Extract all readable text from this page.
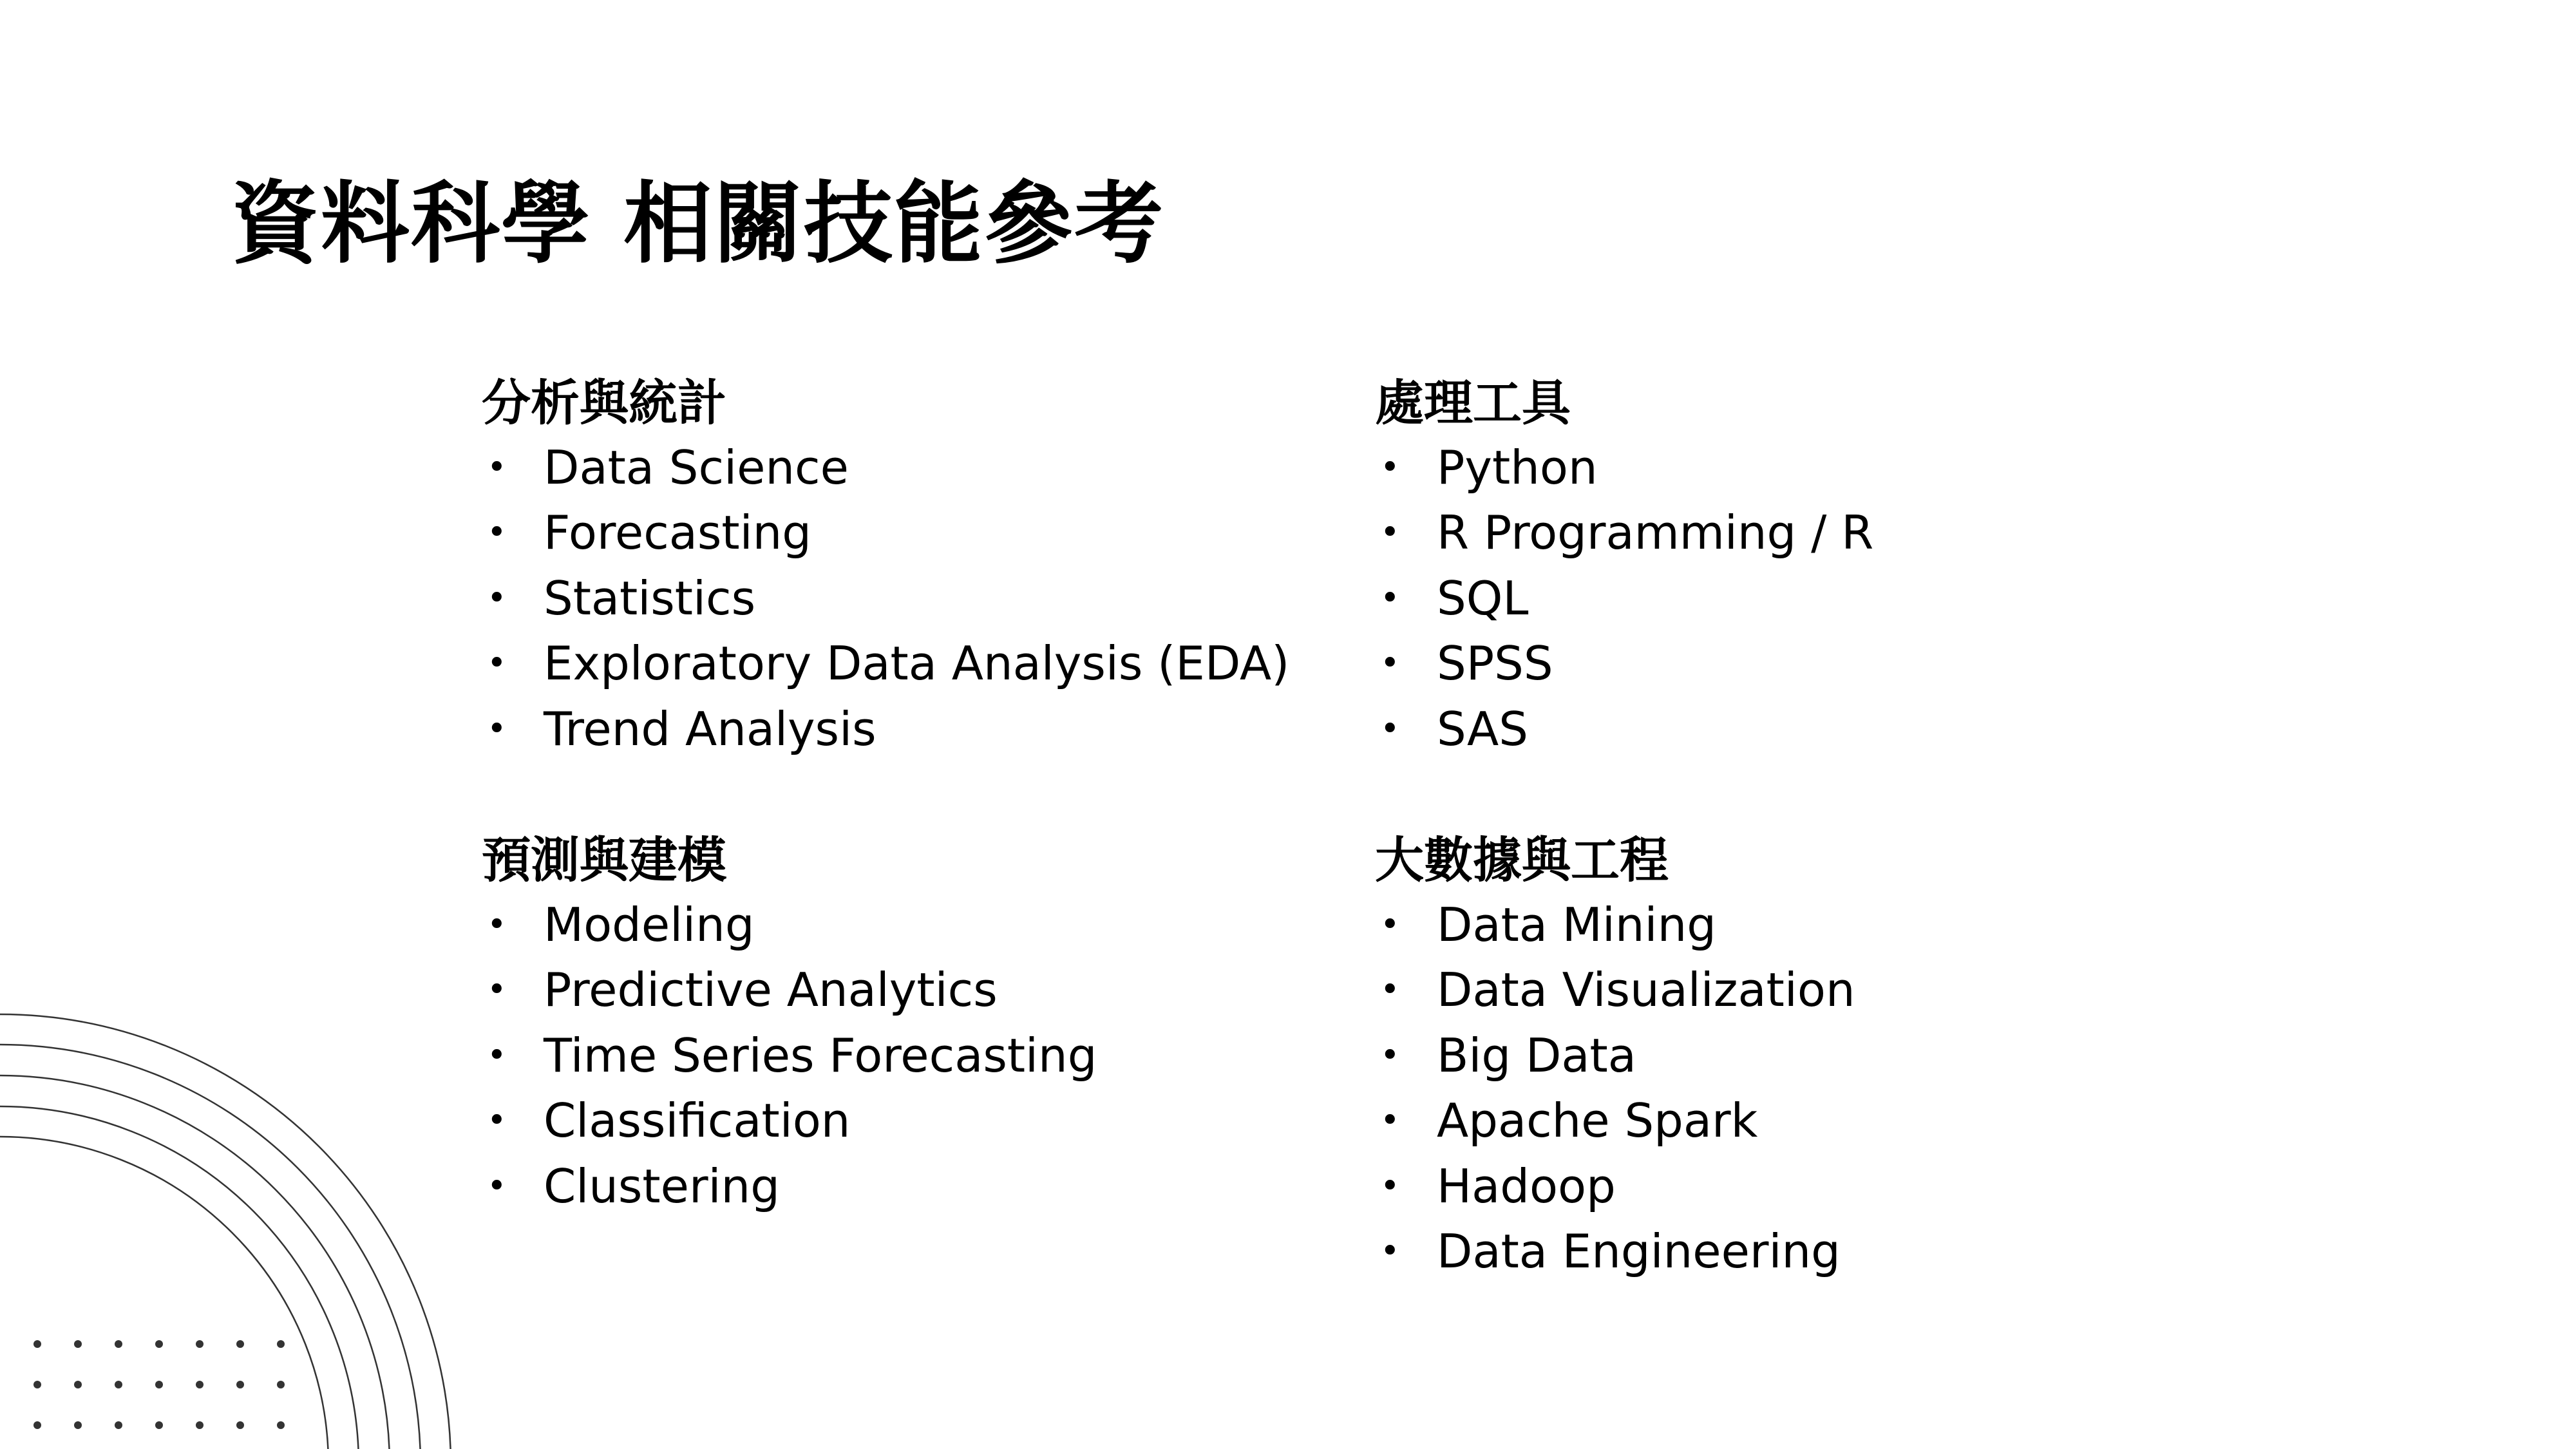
資料科學 相關技能參考
分析與統計
• Data Science
• Forecasting
• Statistics
• Exploratory Data Analysis (EDA)
• Trend Analysis
處理工具
• Python
• R Programming / R
• SQL
• SPSS
• SAS
預測與建模
• Modeling
• Predictive Analytics
• Time Series Forecasting
• Classification
• Clustering
大數據與工程
• Data Mining
• Data Visualization
• Big Data
• Apache Spark
• Hadoop
• Data Engineering
